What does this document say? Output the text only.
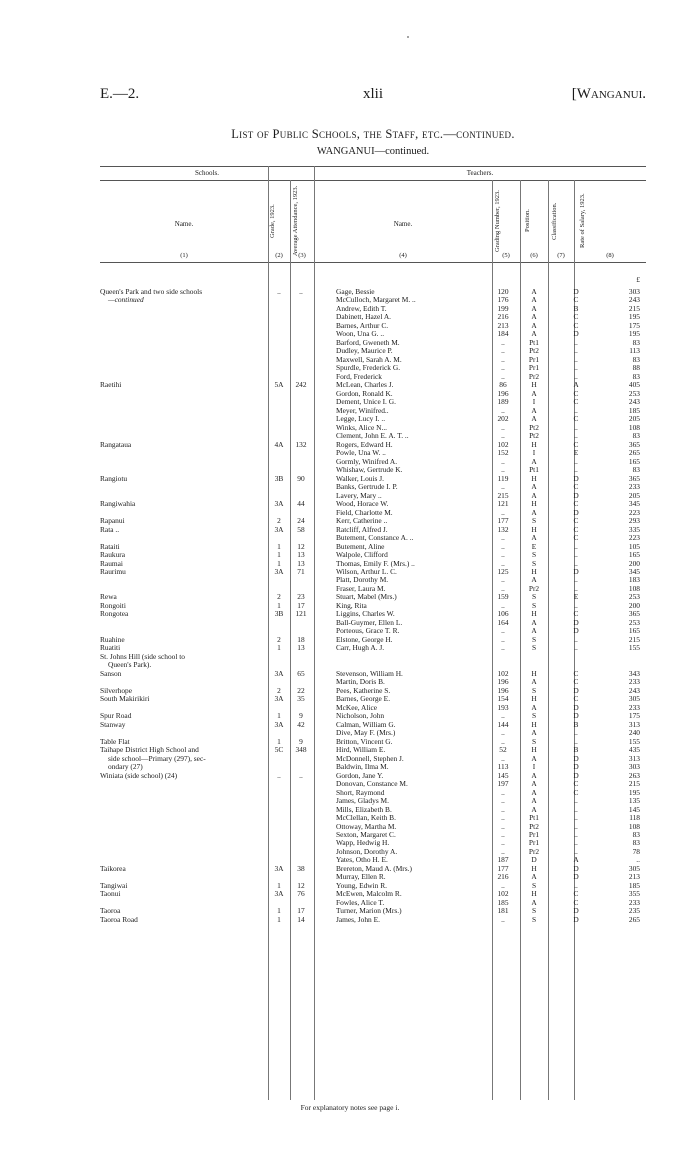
E.—2.	xlii	[Wanganui.
List of Public Schools, the Staff, etc.—continued.
WANGANUI—continued.
Schools.	Teachers.
Name.	Grade, 1923.	Average Attendance, 1923.	Name.	Grading Number, 1923.	Position.	Classification.	Rate of Salary, 1923.
(1)	(2)	(3)	(4)	(5)	(6)	(7)	(8)
£
Queen's Park and two side schools	..	..	Gage, Bessie	120	A	D	303
—continued	McCulloch, Margaret M. ..	176	A	C	243
Andrew, Edith T.	199	A	B	215
Dabinett, Hazel A.	216	A	C	195
Barnes, Arthur C.	213	A	C	175
Woon, Una G. ..	184	A	D	195
Barford, Gweneth M.	..	Pt1	..	83
Dudley, Maurice P.	..	Pt2	..	113
Maxwell, Sarah A. M.	..	Pr1	..	83
Spurdle, Frederick G.	..	Pr1	..	88
Ford, Frederick	..	Pr2	..	83
Raetihi	5A	242	McLean, Charles J.	86	H	A	405
Gordon, Ronald K.	196	A	C	253
Dement, Unice I. G.	189	I	C	243
Meyer, Winifred..	..	A	..	185
Legge, Lucy I. ..	202	A	C	205
Winks, Alice N...	..	Pt2	..	108
Clement, John E. A. T. ..	..	Pt2	..	83
Rangataua	4A	132	Rogers, Edward H.	102	H	C	365
Powle, Una W. ..	152	I	E	265
Gormly, Winifred A.	..	A	..	165
Whishaw, Gertrude K.	..	Pt1	..	83
Rangiotu	3B	90	Walker, Louis J.	119	H	D	365
Banks, Gertrude I. P.	..	A	C	233
Lavery, Mary ..	215	A	D	205
Rangiwahia	3A	44	Wood, Horace W.	121	H	C	345
Field, Charlotte M.	..	A	D	223
Rapanui	2	24	Kerr, Catherine ..	177	S	C	293
Rata ..	3A	58	Ratcliff, Alfred J.	132	H	C	335
Butement, Constance A. ..	..	A	C	223
Rataiti	1	12	Butement, Aline	..	E	..	105
Raukura	1	13	Walpole, Clifford	..	S	..	165
Raumai	1	13	Thomas, Emily F. (Mrs.) ..	..	S	..	200
Raurimu	3A	71	Wilson, Arthur L. C.	125	H	D	345
Platt, Dorothy M.	..	A	..	183
Fraser, Laura M.	..	Pr2	..	108
Rewa	2	23	Stuart, Mabel (Mrs.)	159	S	E	253
Rongoiti	1	17	King, Rita	..	S	..	200
Rongotea	3B	121	Liggins, Charles W.	106	H	C	365
Ball-Guymer, Ellen L.	164	A	D	253
Porteous, Grace T. R.	..	A	D	165
Ruahine	2	18	Elstone, George H.	..	S	..	215
Ruatiti	1	13	Carr, Hugh A. J.	..	S	..	155
St. Johns Hill (side school to
Queen's Park).
Sanson	3A	65	Stevenson, William H.	102	H	C	343
Martin, Doris B.	196	A	C	233
Silverhope	2	22	Pees, Katherine S.	196	S	D	243
South Makirikiri	3A	35	Barnes, George E.	154	H	C	305
McKee, Alice	193	A	D	233
Spur Road	1	9	Nicholson, John	..	S	D	175
Stanway	3A	42	Calman, William G.	144	H	B	313
Dive, May F. (Mrs.)	..	A	..	240
Table Flat	1	9	Britton, Vincent G.	..	S	..	155
Taihape District High School and	5C	348	Hird, William E.	52	H	B	435
side school—Primary (297), sec-	McDonnell, Stephen J.	..	A	D	313
ondary (27)	Baldwin, Ilma M.	113	I	D	303
Winiata (side school) (24)	..	..	Gordon, Jane Y.	145	A	D	263
Donovan, Constance M.	197	A	C	215
Short, Raymond	..	A	C	195
James, Gladys M.	..	A	..	135
Mills, Elizabeth B.	..	A	..	145
McClellan, Keith B.	..	Pt1	..	118
Ottoway, Martha M.	..	Pt2	..	108
Sexton, Margaret C.	..	Pr1	..	83
Wapp, Hedwig H.	..	Pr1	..	83
Johnson, Dorothy A.	..	Pr2	..	78
Yates, Otho H. E.	187	D	A	..
Taikorea	3A	38	Brereton, Maud A. (Mrs.)	177	H	D	305
Murray, Ellen R.	216	A	D	213
Tangiwai	1	12	Young, Edwin R.	..	S	..	185
Taonui	3A	76	McEwen, Malcolm R.	102	H	C	355
Fowles, Alice T.	185	A	C	233
Taoroa	1	17	Turner, Marion (Mrs.)	181	S	D	235
Taoroa Road	1	14	James, John E.	..	S	D	265
For explanatory notes see page i.
